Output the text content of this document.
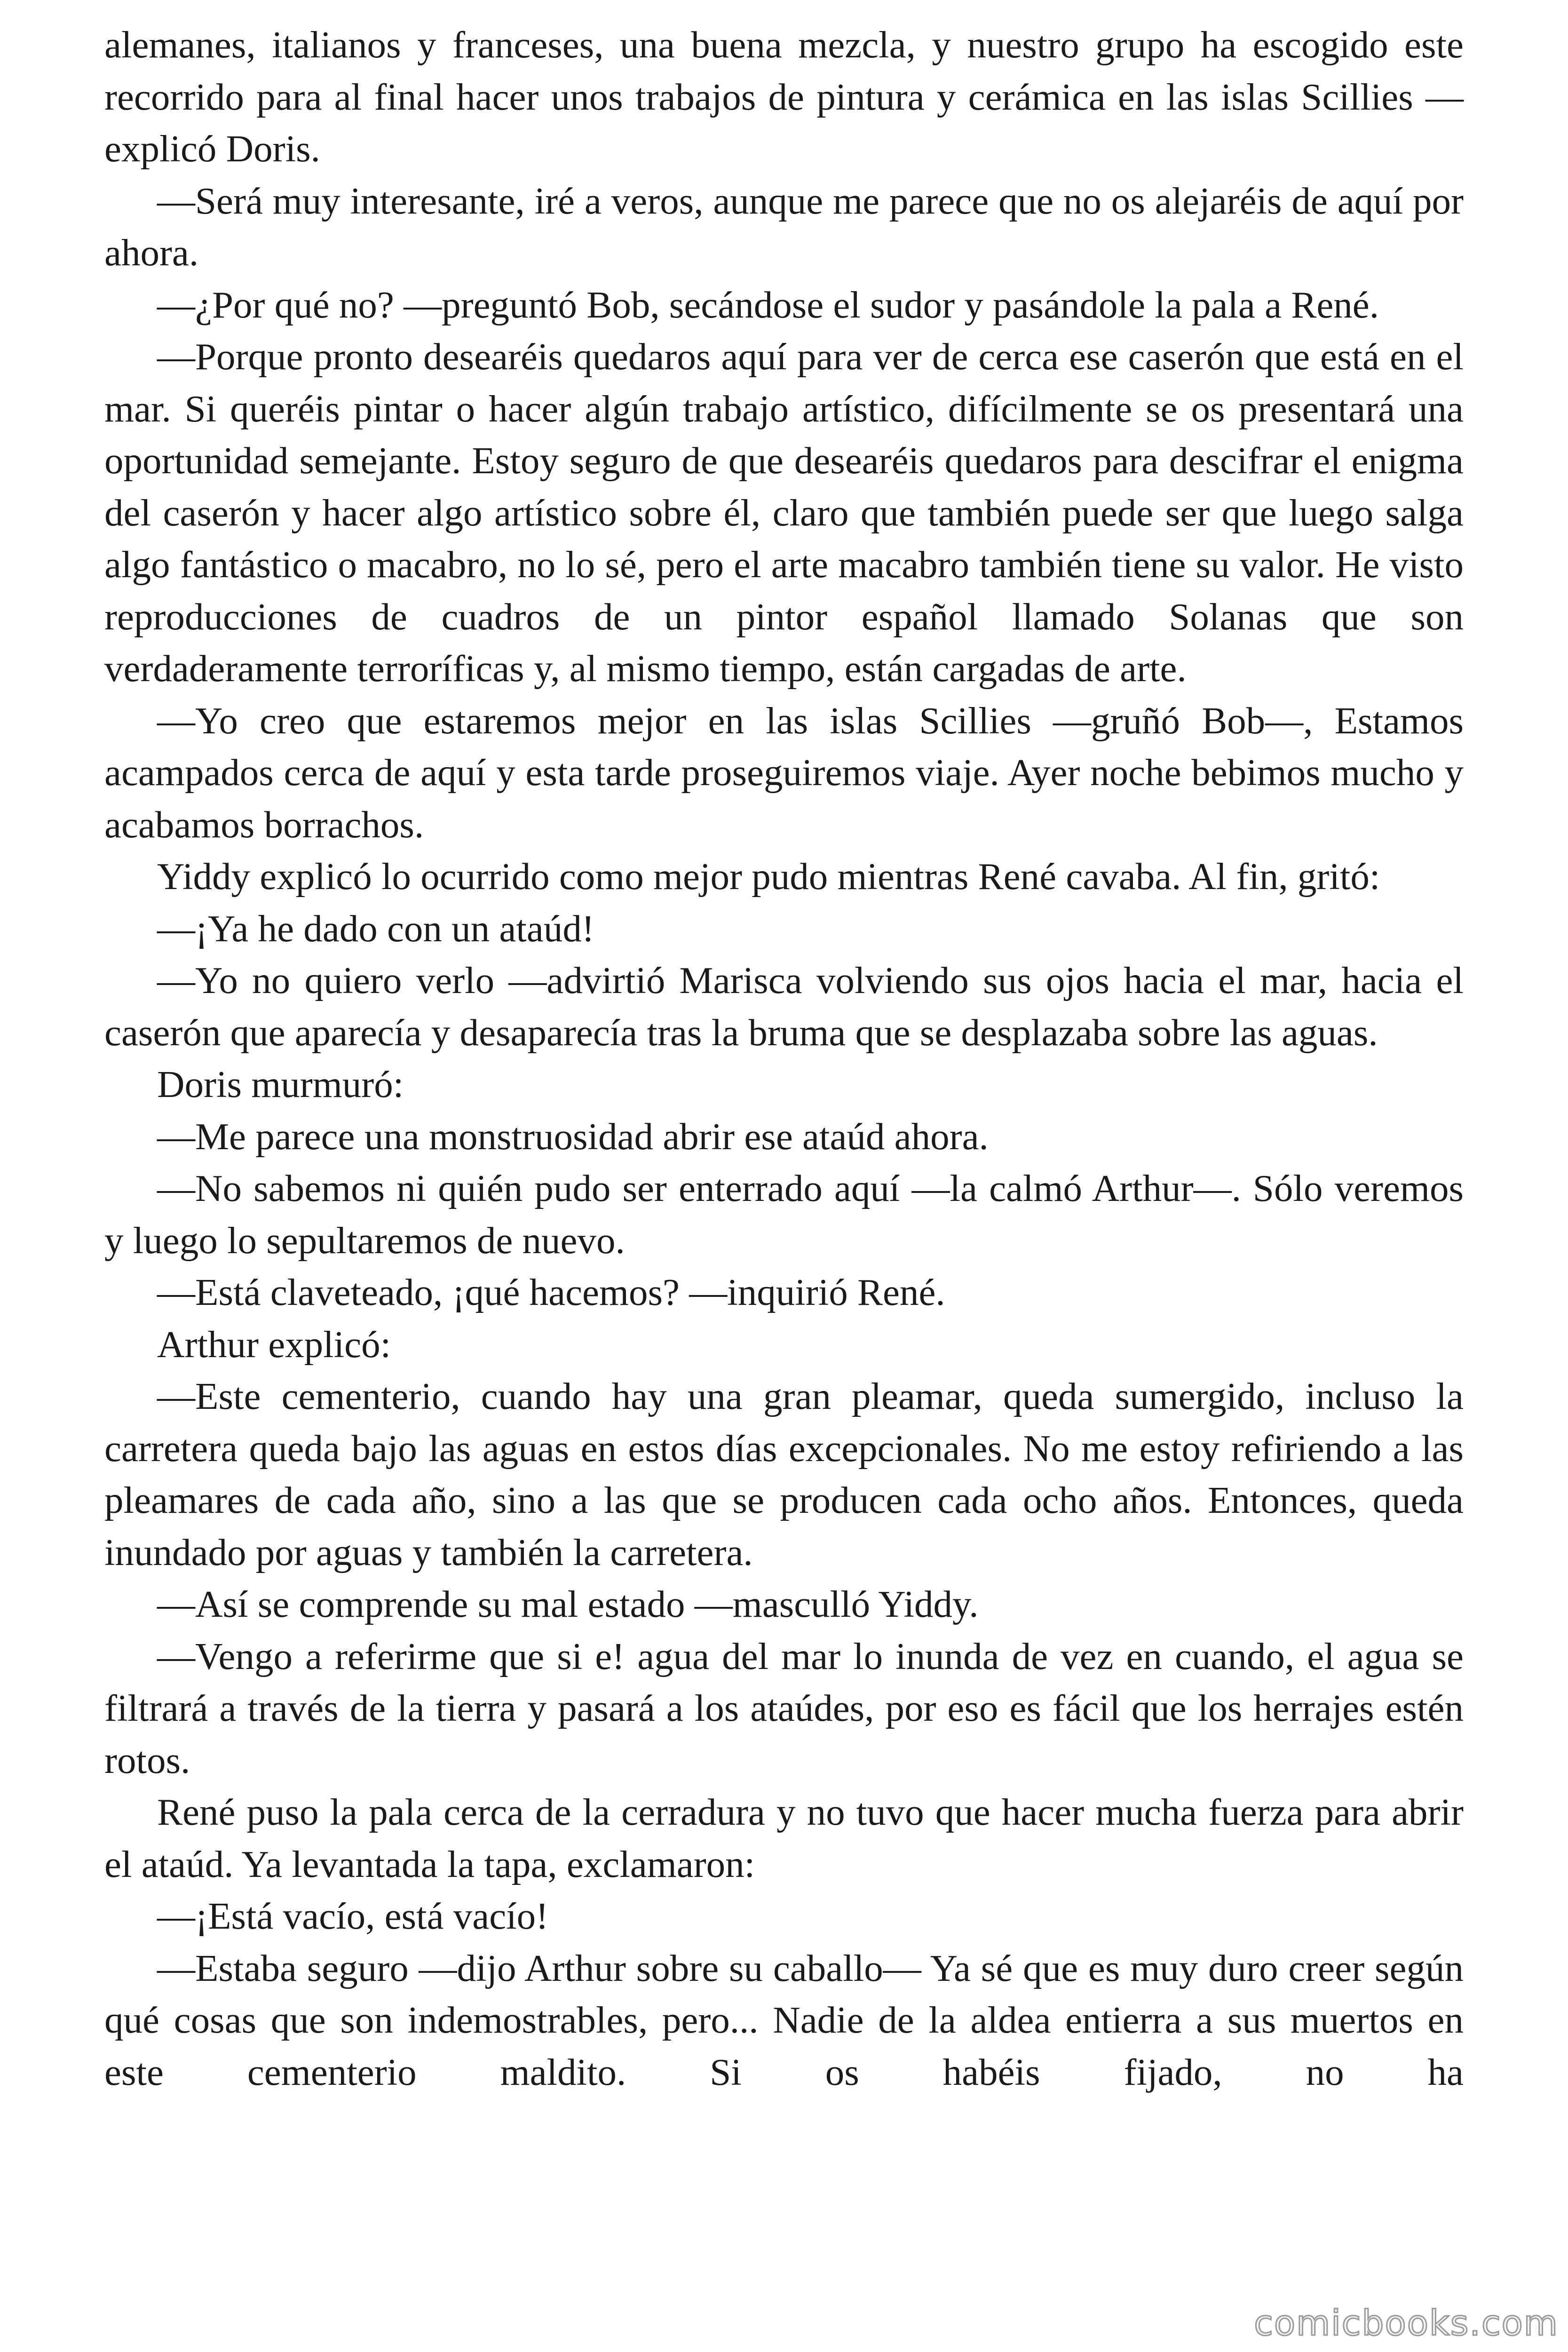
alemanes, italianos y franceses, una buena mezcla, y nuestro grupo ha escogido este recorrido para al final hacer unos trabajos de pintura y cerámica en las islas Scillies —explicó Doris.

—Será muy interesante, iré a veros, aunque me parece que no os alejaréis de aquí por ahora.

—¿Por qué no? —preguntó Bob, secándose el sudor y pasándole la pala a René.

—Porque pronto desearéis quedaros aquí para ver de cerca ese caserón que está en el mar. Si queréis pintar o hacer algún trabajo artístico, difícilmente se os presentará una oportunidad semejante. Estoy seguro de que desearéis quedaros para descifrar el enigma del caserón y hacer algo artístico sobre él, claro que también puede ser que luego salga algo fantástico o macabro, no lo sé, pero el arte macabro también tiene su valor. He visto reproducciones de cuadros de un pintor español llamado Solanas que son verdaderamente terroríficas y, al mismo tiempo, están cargadas de arte.

—Yo creo que estaremos mejor en las islas Scillies —gruñó Bob—, Estamos acampados cerca de aquí y esta tarde proseguiremos viaje. Ayer noche bebimos mucho y acabamos borrachos.

Yiddy explicó lo ocurrido como mejor pudo mientras René cavaba. Al fin, gritó:

—¡Ya he dado con un ataúd!

—Yo no quiero verlo —advirtió Marisca volviendo sus ojos hacia el mar, hacia el caserón que aparecía y desaparecía tras la bruma que se desplazaba sobre las aguas.

Doris murmuró:

—Me parece una monstruosidad abrir ese ataúd ahora.

—No sabemos ni quién pudo ser enterrado aquí —la calmó Arthur—. Sólo veremos y luego lo sepultaremos de nuevo.

—Está claveteado, ¡qué hacemos? —inquirió René.

Arthur explicó:

—Este cementerio, cuando hay una gran pleamar, queda sumergido, incluso la carretera queda bajo las aguas en estos días excepcionales. No me estoy refiriendo a las pleamares de cada año, sino a las que se producen cada ocho años. Entonces, queda inundado por aguas y también la carretera.

—Así se comprende su mal estado —masculló Yiddy.

—Vengo a referirme que si e! agua del mar lo inunda de vez en cuando, el agua se filtrará a través de la tierra y pasará a los ataúdes, por eso es fácil que los herrajes estén rotos.

René puso la pala cerca de la cerradura y no tuvo que hacer mucha fuerza para abrir el ataúd. Ya levantada la tapa, exclamaron:

—¡Está vacío, está vacío!

—Estaba seguro —dijo Arthur sobre su caballo— Ya sé que es muy duro creer según qué cosas que son indemostrables, pero... Nadie de la aldea entierra a sus muertos en este cementerio maldito. Si os habéis fijado, no ha

comicbooks.com
